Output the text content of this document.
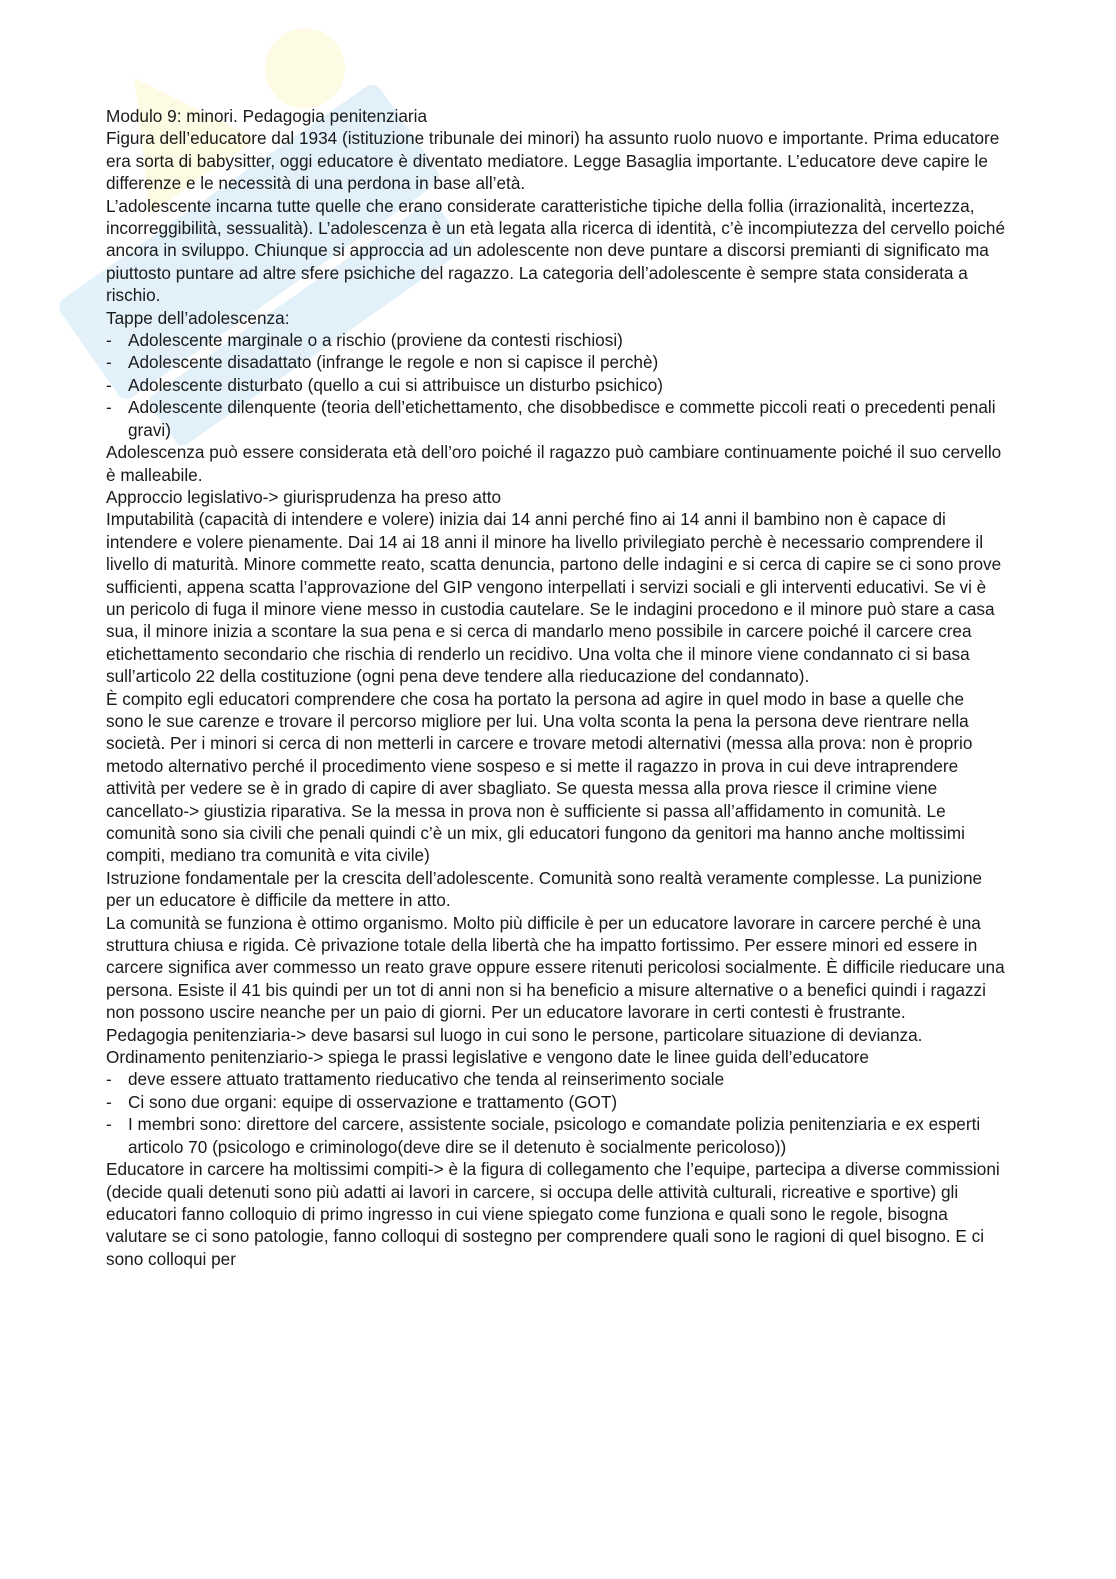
Modulo 9: minori. Pedagogia penitenziaria

Figura dell’educatore dal 1934 (istituzione tribunale dei minori) ha assunto ruolo nuovo e importante. Prima educatore era sorta di babysitter, oggi educatore è diventato mediatore. Legge Basaglia importante. L’educatore deve capire le differenze e le necessità di una perdona in base all’età.

L’adolescente incarna tutte quelle che erano considerate caratteristiche tipiche della follia (irrazionalità, incertezza, incorreggibilità, sessualità). L’adolescenza è un età legata alla ricerca di identità, c’è incompiutezza del cervello poiché ancora in sviluppo. Chiunque si approccia ad un adolescente non deve puntare a discorsi premianti di significato ma piuttosto puntare ad altre sfere psichiche del ragazzo. La categoria dell’adolescente è sempre stata considerata a rischio.

Tappe dell’adolescenza:

- Adolescente marginale o a rischio (proviene da contesti rischiosi)
- Adolescente disadattato (infrange le regole e non si capisce il perchè)
- Adolescente disturbato (quello a cui si attribuisce un disturbo psichico)
- Adolescente dilenquente (teoria dell’etichettamento, che disobbedisce e commette piccoli reati o precedenti penali gravi)

Adolescenza può essere considerata età dell’oro poiché il ragazzo può cambiare continuamente poiché il suo cervello è malleabile.

Approccio legislativo-> giurisprudenza ha preso atto

Imputabilità (capacità di intendere e volere) inizia dai 14 anni perché fino ai 14 anni il bambino non è capace di intendere e volere pienamente. Dai 14 ai 18 anni il minore ha livello privilegiato perchè è necessario comprendere il livello di maturità. Minore commette reato, scatta denuncia, partono delle indagini e si cerca di capire se ci sono prove sufficienti, appena scatta l’approvazione del GIP vengono interpellati i servizi sociali e gli interventi educativi. Se vi è un pericolo di fuga il minore viene messo in custodia cautelare. Se le indagini procedono e il minore può stare a casa sua, il minore inizia a scontare la sua pena e si cerca di mandarlo meno possibile in carcere poiché il carcere crea etichettamento secondario che rischia di renderlo un recidivo. Una volta che il minore viene condannato ci si basa sull’articolo 22 della costituzione (ogni pena deve tendere alla rieducazione del condannato).

È compito egli educatori comprendere che cosa ha portato la persona ad agire in quel modo in base a quelle che sono le sue carenze e trovare il percorso migliore per lui. Una volta sconta la pena la persona deve rientrare nella società. Per i minori si cerca di non metterli in carcere e trovare metodi alternativi (messa alla prova: non è proprio metodo alternativo perché il procedimento viene sospeso e si mette il ragazzo in prova in cui deve intraprendere attività per vedere se è in grado di capire di aver sbagliato. Se questa messa alla prova riesce il crimine viene cancellato-> giustizia riparativa. Se la messa in prova non è sufficiente si passa all’affidamento in comunità. Le comunità sono sia civili che penali quindi c’è un mix, gli educatori fungono da genitori ma hanno anche moltissimi compiti, mediano tra comunità e vita civile)

Istruzione fondamentale per la crescita dell’adolescente. Comunità sono realtà veramente complesse. La punizione per un educatore è difficile da mettere in atto.

La comunità se funziona è ottimo organismo. Molto più difficile è per un educatore lavorare in carcere perché è una struttura chiusa e rigida. Cè privazione totale della libertà che ha impatto fortissimo. Per essere minori ed essere in carcere significa aver commesso un reato grave oppure essere ritenuti pericolosi socialmente. È difficile rieducare una persona. Esiste il 41 bis quindi per un tot di anni non si ha beneficio a misure alternative o a benefici quindi i ragazzi non possono uscire neanche per un paio di giorni. Per un educatore lavorare in certi contesti è frustrante.

Pedagogia penitenziaria-> deve basarsi sul luogo in cui sono le persone, particolare situazione di devianza.

Ordinamento penitenziario-> spiega le prassi legislative e vengono date le linee guida dell’educatore

- deve essere attuato trattamento rieducativo che tenda al reinserimento sociale
- Ci sono due organi: equipe di osservazione e trattamento (GOT)
- I membri sono: direttore del carcere, assistente sociale, psicologo e comandate polizia penitenziaria e ex esperti articolo 70 (psicologo e criminologo(deve dire se il detenuto è socialmente pericoloso))

Educatore in carcere ha moltissimi compiti-> è la figura di collegamento che l’equipe, partecipa a diverse commissioni (decide quali detenuti sono più adatti ai lavori in carcere, si occupa delle attività culturali, ricreative e sportive) gli educatori fanno colloquio di primo ingresso in cui viene spiegato come funziona e quali sono le regole, bisogna valutare se ci sono patologie, fanno colloqui di sostegno per comprendere quali sono le ragioni di quel bisogno. E ci sono colloqui per
